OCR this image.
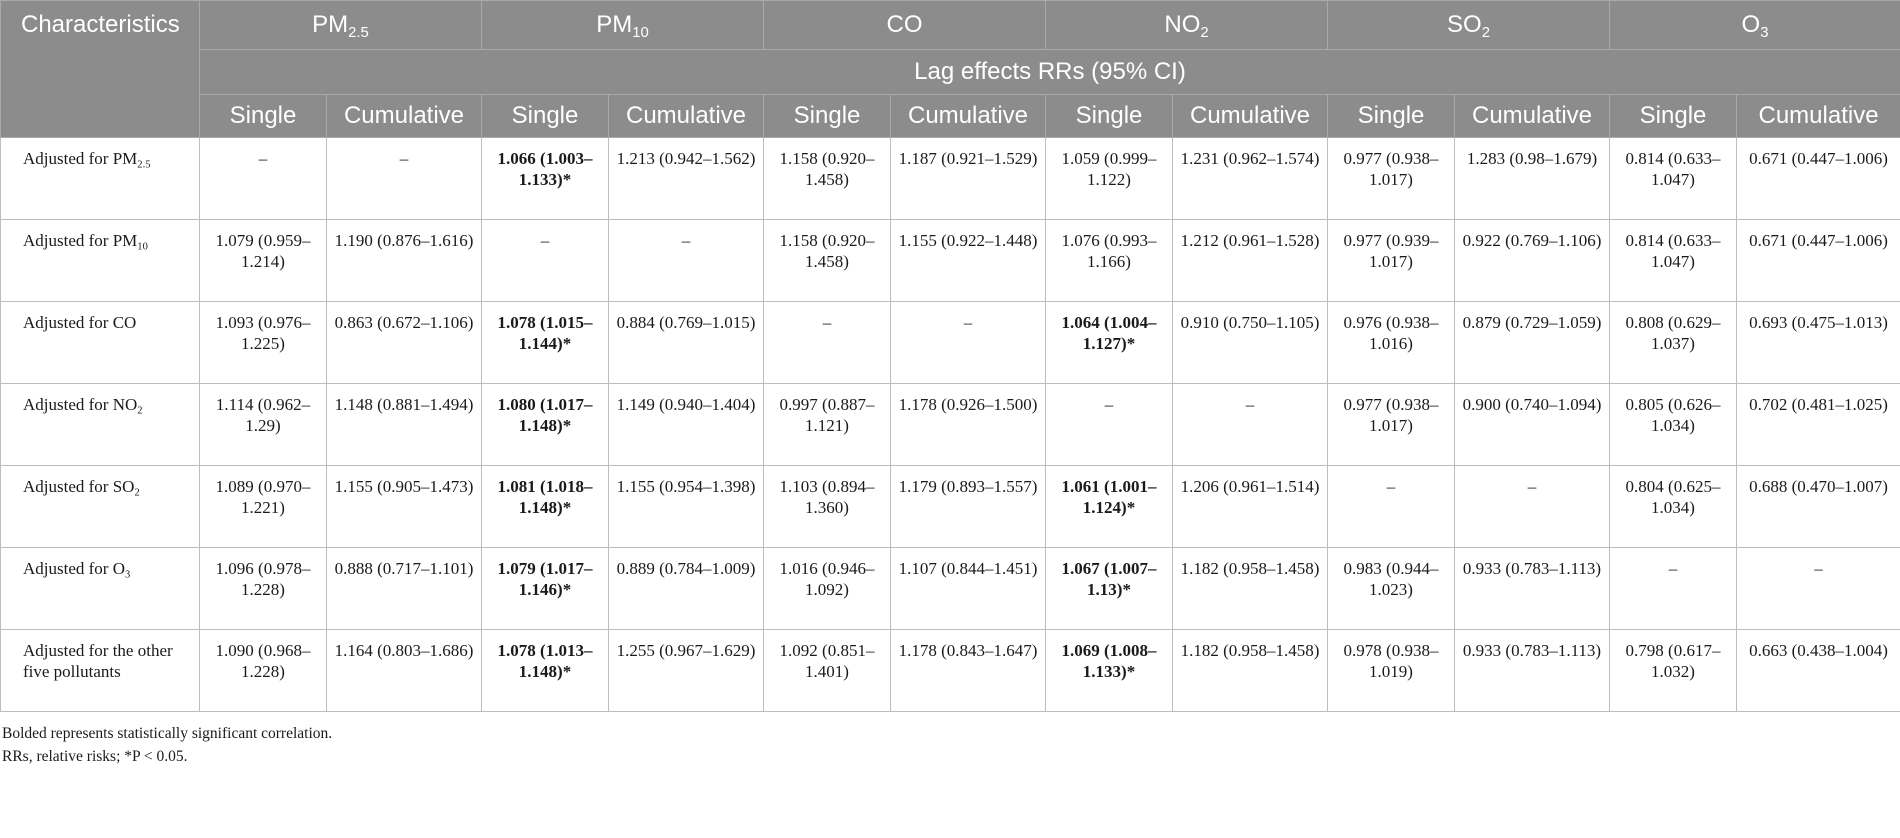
Characteristics	$PM_{2.5}$		$PM_{10}$		CO		$NO_2$		$SO_2$		$O_3$
	Lag effects RRs (95% CI)											
	Single	Cumulative	Single	Cumulative	Single	Cumulative	Single	Cumulative	Single	Cumulative	Single	Cumulative
Adjusted for $PM_{2.5}$	–	–	1.066 (1.003–1.133) *	1.213 (0.942–1.562)	1.158 (0.920–1.458)	1.187 (0.921–1.529)	1.059 (0.999–1.122)	1.231 (0.962–1.574)	0.977 (0.938–1.017)	1.283 (0.98–1.679)	0.814 (0.633–1.047)	0.671 (0.447–1.006)
Adjusted for $PM_{10}$	1.079 (0.959–1.214)	1.190 (0.876–1.616)	–	–	1.158 (0.920–1.458)	1.155 (0.922–1.448)	1.076 (0.993–1.166)	1.212 (0.961–1.528)	0.977 (0.939–1.017)	0.922 (0.769–1.106)	0.814 (0.633–1.047)	0.671 (0.447–1.006)
Adjusted for CO	1.093 (0.976–1.225)	0.863 (0.672–1.106)	1.078 (1.015–1.144) *	0.884 (0.769–1.015)	–	–	1.064 (1.004–1.127) *	0.910 (0.750–1.105)	0.976 (0.938–1.016)	0.879 (0.729–1.059)	0.808 (0.629–1.037)	0.693 (0.475–1.013)
Adjusted for $NO_2$	1.114 (0.962–1.29)	1.148 (0.881–1.494)	1.080 (1.017–1.148) *	1.149 (0.940–1.404)	0.997 (0.887–1.121)	1.178 (0.926–1.500)	–	–	0.977 (0.938–1.017)	0.900 (0.740–1.094)	0.805 (0.626–1.034)	0.702 (0.481–1.025)
Adjusted for $SO_2$	1.089 (0.970–1.221)	1.155 (0.905–1.473)	1.081 (1.018–1.148) *	1.155 (0.954–1.398)	1.103 (0.894–1.360)	1.179 (0.893–1.557)	1.061 (1.001–1.124) *	1.206 (0.961–1.514)	–	–	0.804 (0.625–1.034)	0.688 (0.470–1.007)
Adjusted for $O_3$	1.096 (0.978–1.228)	0.888 (0.717–1.101)	1.079 (1.017–1.146) *	0.889 (0.784–1.009)	1.016 (0.946–1.092)	1.107 (0.844–1.451)	1.067 (1.007–1.13) *	1.182 (0.958–1.458)	0.983 (0.944–1.023)	0.933 (0.783–1.113)	–	–
Adjusted for the other five pollutants	1.090 (0.968–1.228)	1.164 (0.803–1.686)	1.078 (1.013–1.148) *	1.255 (0.967–1.629)	1.092 (0.851–1.401)	1.178 (0.843–1.647)	1.069 (1.008–1.133) *	1.182 (0.958–1.458)	0.978 (0.938–1.019)	0.933 (0.783–1.113)	0.798 (0.617–1.032)	0.663 (0.438–1.004)
Bolded represents statistically significant correlation.
RRs, relative risks; *P < 0.05.
